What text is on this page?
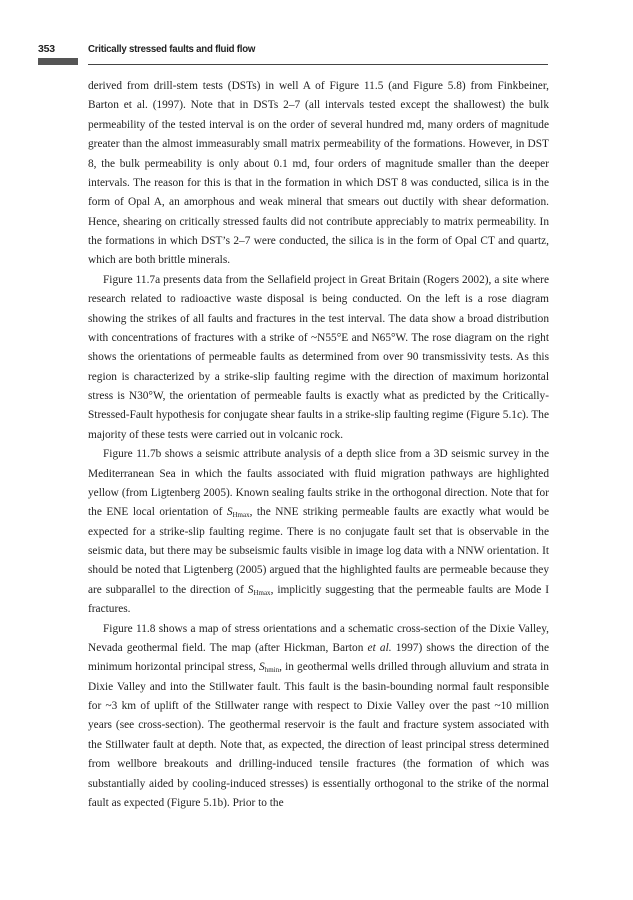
353	Critically stressed faults and fluid flow

derived from drill-stem tests (DSTs) in well A of Figure 11.5 (and Figure 5.8) from Finkbeiner, Barton et al. (1997). Note that in DSTs 2–7 (all intervals tested except the shallowest) the bulk permeability of the tested interval is on the order of several hundred md, many orders of magnitude greater than the almost immeasurably small matrix permeability of the formations. However, in DST 8, the bulk permeability is only about 0.1 md, four orders of magnitude smaller than the deeper intervals. The reason for this is that in the formation in which DST 8 was conducted, silica is in the form of Opal A, an amorphous and weak mineral that smears out ductily with shear deformation. Hence, shearing on critically stressed faults did not contribute appreciably to matrix permeability. In the formations in which DST’s 2–7 were conducted, the silica is in the form of Opal CT and quartz, which are both brittle minerals.

Figure 11.7a presents data from the Sellafield project in Great Britain (Rogers 2002), a site where research related to radioactive waste disposal is being conducted. On the left is a rose diagram showing the strikes of all faults and fractures in the test interval. The data show a broad distribution with concentrations of fractures with a strike of ~N55°E and N65°W. The rose diagram on the right shows the orientations of permeable faults as determined from over 90 transmissivity tests. As this region is characterized by a strike-slip faulting regime with the direction of maximum horizontal stress is N30°W, the orientation of permeable faults is exactly what as predicted by the Critically-Stressed-Fault hypothesis for conjugate shear faults in a strike-slip faulting regime (Figure 5.1c). The majority of these tests were carried out in volcanic rock.

Figure 11.7b shows a seismic attribute analysis of a depth slice from a 3D seismic survey in the Mediterranean Sea in which the faults associated with fluid migration pathways are highlighted yellow (from Ligtenberg 2005). Known sealing faults strike in the orthogonal direction. Note that for the ENE local orientation of $S_{Hmax}$, the NNE striking permeable faults are exactly what would be expected for a strike-slip faulting regime. There is no conjugate fault set that is observable in the seismic data, but there may be subseismic faults visible in image log data with a NNW orientation. It should be noted that Ligtenberg (2005) argued that the highlighted faults are permeable because they are subparallel to the direction of $S_{Hmax}$, implicitly suggesting that the permeable faults are Mode I fractures.

Figure 11.8 shows a map of stress orientations and a schematic cross-section of the Dixie Valley, Nevada geothermal field. The map (after Hickman, Barton et al. 1997) shows the direction of the minimum horizontal principal stress, $S_{hmin}$, in geothermal wells drilled through alluvium and strata in Dixie Valley and into the Stillwater fault. This fault is the basin-bounding normal fault responsible for ~3 km of uplift of the Stillwater range with respect to Dixie Valley over the past ~10 million years (see cross-section). The geothermal reservoir is the fault and fracture system associated with the Stillwater fault at depth. Note that, as expected, the direction of least principal stress determined from wellbore breakouts and drilling-induced tensile fractures (the formation of which was substantially aided by cooling-induced stresses) is essentially orthogonal to the strike of the normal fault as expected (Figure 5.1b). Prior to the
